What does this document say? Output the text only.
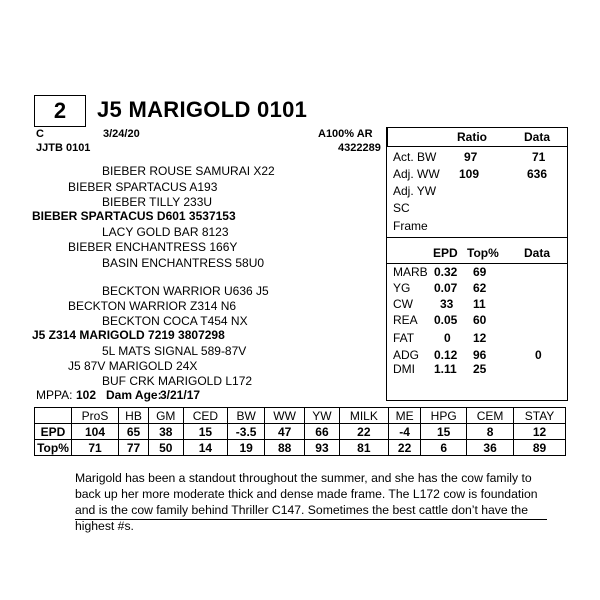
2	J5 MARIGOLD 0101
C	3/24/20	A100% AR
JJTB 0101	4322289
BIEBER ROUSE SAMURAI X22
BIEBER SPARTACUS A193
BIEBER TILLY 233U
BIEBER SPARTACUS D601 3537153
LACY GOLD BAR 8123
BIEBER ENCHANTRESS 166Y
BASIN ENCHANTRESS 58U0
BECKTON WARRIOR U636 J5
BECKTON WARRIOR Z314 N6
BECKTON COCA T454 NX
J5 Z314 MARIGOLD 7219 3807298
5L MATS SIGNAL 589-87V
J5 87V MARIGOLD 24X
BUF CRK MARIGOLD L172
MPPA: 102 Dam Age:
3/21/17
Ratio	Data
Act. BW 97	71
Adj. WW 109	636
Adj. YW
SC
Frame
EPD Top% Data
MARB 0.32 69
YG 0.07 62
CW 33 11
REA 0.05 60
FAT 0 12
ADG 0.12 96	0
DMI 1.11 25
	ProS	HB	GM	CED	BW	WW	YW	MILK	ME	HPG	CEM	STAY
EPD	104	65	38	15	-3.5	47	66	22	-4	15	8	12
Top%	71	77	50	14	19	88	93	81	22	6	36	89
Marigold has been a standout throughout the summer, and she has the cow family to back up her more moderate thick and dense made frame. The L172 cow is foundation and is the cow family behind Thriller C147. Sometimes the best cattle don’t have the highest #s.
